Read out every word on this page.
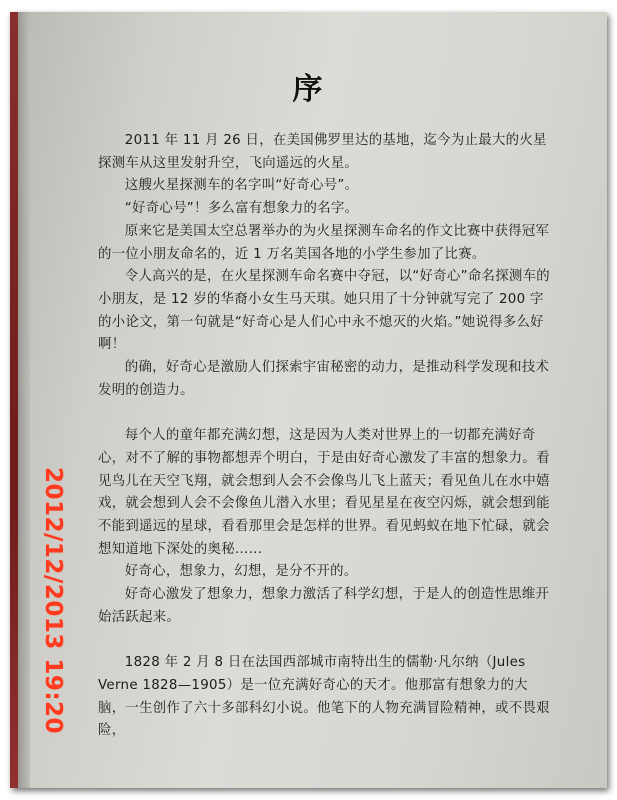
序

2011 年 11 月 26 日，在美国佛罗里达的基地，迄今为止最大的火星探测车从这里发射升空，飞向遥远的火星。

这艘火星探测车的名字叫“好奇心号”。

“好奇心号”！多么富有想象力的名字。

原来它是美国太空总署举办的为火星探测车命名的作文比赛中获得冠军的一位小朋友命名的，近 1 万名美国各地的小学生参加了比赛。

令人高兴的是，在火星探测车命名赛中夺冠，以“好奇心”命名探测车的小朋友，是 12 岁的华裔小女生马天琪。她只用了十分钟就写完了 200 字的小论文，第一句就是“好奇心是人们心中永不熄灭的火焰。”她说得多么好啊！

的确，好奇心是激励人们探索宇宙秘密的动力，是推动科学发现和技术发明的创造力。

每个人的童年都充满幻想，这是因为人类对世界上的一切都充满好奇心，对不了解的事物都想弄个明白，于是由好奇心激发了丰富的想象力。看见鸟儿在天空飞翔，就会想到人会不会像鸟儿飞上蓝天；看见鱼儿在水中嬉戏，就会想到人会不会像鱼儿潜入水里；看见星星在夜空闪烁，就会想到能不能到遥远的星球，看看那里会是怎样的世界。看见蚂蚁在地下忙碌，就会想知道地下深处的奥秘……

好奇心，想象力，幻想，是分不开的。

好奇心激发了想象力，想象力激活了科学幻想，于是人的创造性思维开始活跃起来。

1828 年 2 月 8 日在法国西部城市南特出生的儒勒·凡尔纳（Jules Verne 1828—1905）是一位充满好奇心的天才。他那富有想象力的大脑，一生创作了六十多部科幻小说。他笔下的人物充满冒险精神，或不畏艰险，

2012/12/2013 19:20
